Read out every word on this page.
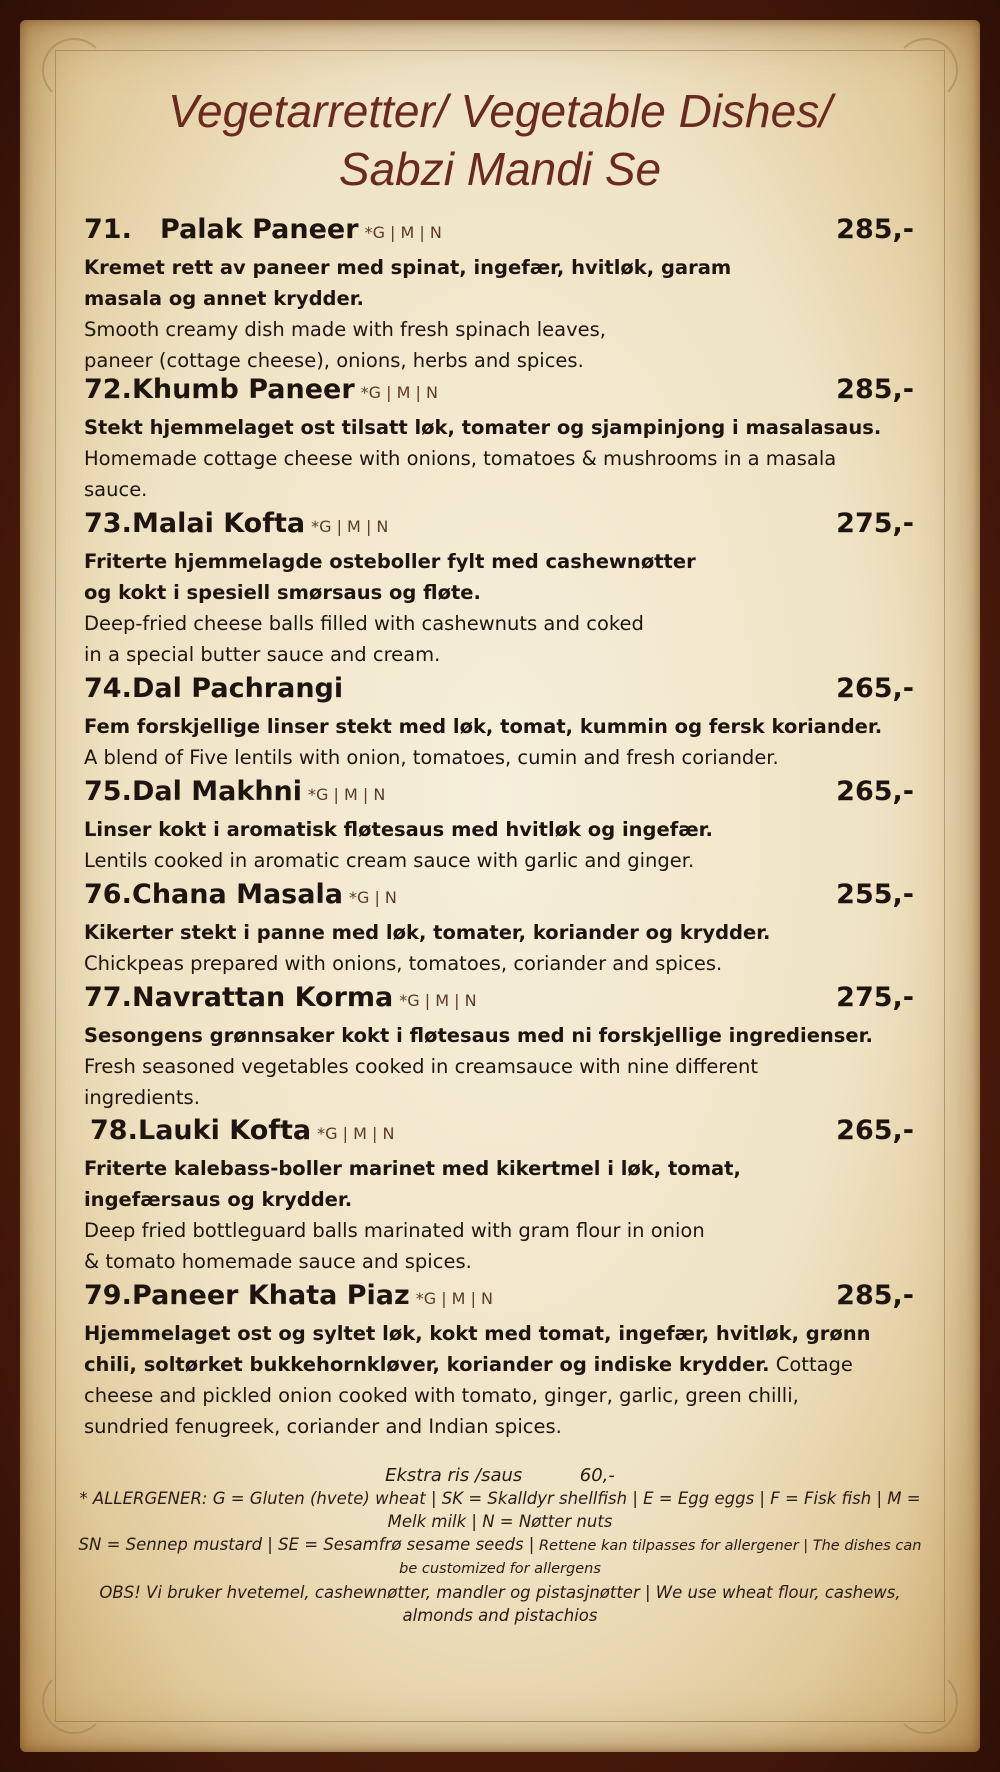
Vegetarretter/ Vegetable Dishes/
Sabzi Mandi Se
71. Palak Paneer *G | M | N	285,-
Kremet rett av paneer med spinat, ingefær, hvitløk, garam
masala og annet krydder.
Smooth creamy dish made with fresh spinach leaves,
paneer (cottage cheese), onions, herbs and spices.
72. Khumb Paneer *G | M | N	285,-
Stekt hjemmelaget ost tilsatt løk, tomater og sjampinjong i masalasaus.
Homemade cottage cheese with onions, tomatoes & mushrooms in a masala
sauce.
73. Malai Kofta *G | M | N	275,-
Friterte hjemmelagde osteboller fylt med cashewnøtter
og kokt i spesiell smørsaus og fløte.
Deep-fried cheese balls filled with cashewnuts and coked
in a special butter sauce and cream.
74. Dal Pachrangi	265,-
Fem forskjellige linser stekt med løk, tomat, kummin og fersk koriander.
A blend of Five lentils with onion, tomatoes, cumin and fresh coriander.
75. Dal Makhni *G | M | N	265,-
Linser kokt i aromatisk fløtesaus med hvitløk og ingefær.
Lentils cooked in aromatic cream sauce with garlic and ginger.
76. Chana Masala *G | N	255,-
Kikerter stekt i panne med løk, tomater, koriander og krydder.
Chickpeas prepared with onions, tomatoes, coriander and spices.
77. Navrattan Korma *G | M | N	275,-
Sesongens grønnsaker kokt i fløtesaus med ni forskjellige ingredienser.
Fresh seasoned vegetables cooked in creamsauce with nine different
ingredients.
78. Lauki Kofta *G | M | N	265,-
Friterte kalebass-boller marinet med kikertmel i løk, tomat,
ingefærsaus og krydder.
Deep fried bottleguard balls marinated with gram flour in onion
& tomato homemade sauce and spices.
79. Paneer Khata Piaz *G | M | N	285,-
Hjemmelaget ost og syltet løk, kokt med tomat, ingefær, hvitløk, grønn
chili, soltørket bukkehornkløver, koriander og indiske krydder. Cottage
cheese and pickled onion cooked with tomato, ginger, garlic, green chilli,
sundried fenugreek, coriander and Indian spices.
Ekstra ris /saus	60,-
* ALLERGENER: G = Gluten (hvete) wheat | SK = Skalldyr shellfish | E = Egg eggs | F = Fisk fish | M =
Melk milk | N = Nøtter nuts
SN = Sennep mustard | SE = Sesamfrø sesame seeds | Rettene kan tilpasses for allergener | The dishes can
be customized for allergens
OBS! Vi bruker hvetemel, cashewnøtter, mandler og pistasjnøtter | We use wheat flour, cashews,
almonds and pistachios
